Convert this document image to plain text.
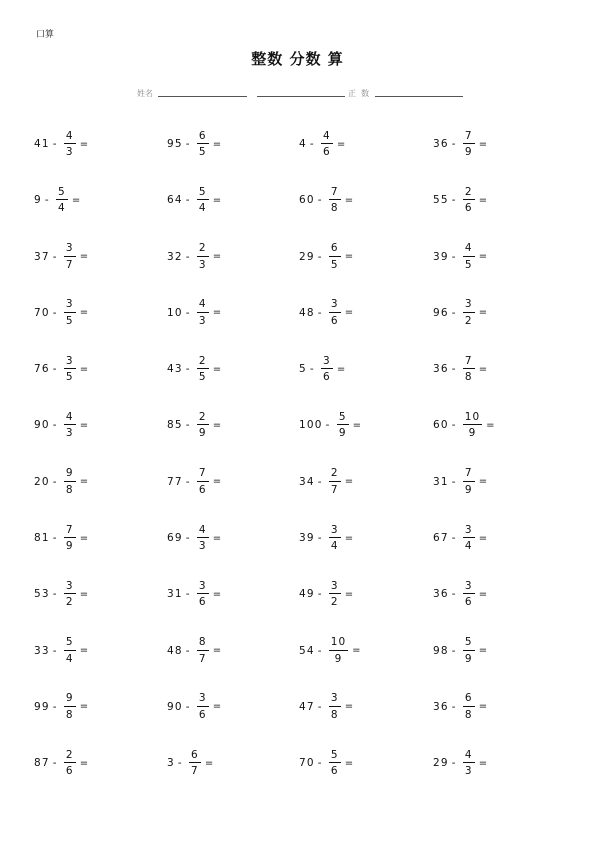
口算
整数 分数 算
姓名	正  数
$41 - \frac{4}{3}$ =	$95 - \frac{6}{5}$ =	$4 - \frac{4}{6}$ =	$36 - \frac{7}{9}$ =
$9 - \frac{5}{4}$ =	$64 - \frac{5}{4}$ =	$60 - \frac{7}{8}$ =	$55 - \frac{2}{6}$ =
$37 - \frac{3}{7}$ =	$32 - \frac{2}{3}$ =	$29 - \frac{6}{5}$ =	$39 - \frac{4}{5}$ =
$70 - \frac{3}{5}$ =	$10 - \frac{4}{3}$ =	$48 - \frac{3}{6}$ =	$96 - \frac{3}{2}$ =
$76 - \frac{3}{5}$ =	$43 - \frac{2}{5}$ =	$5 - \frac{3}{6}$ =	$36 - \frac{7}{8}$ =
$90 - \frac{4}{3}$ =	$85 - \frac{2}{9}$ =	$100 - \frac{5}{9}$ =	$60 - \frac{10}{9}$ =
$20 - \frac{9}{8}$ =	$77 - \frac{7}{6}$ =	$34 - \frac{2}{7}$ =	$31 - \frac{7}{9}$ =
$81 - \frac{7}{9}$ =	$69 - \frac{4}{3}$ =	$39 - \frac{3}{4}$ =	$67 - \frac{3}{4}$ =
$53 - \frac{3}{2}$ =	$31 - \frac{3}{6}$ =	$49 - \frac{3}{2}$ =	$36 - \frac{3}{6}$ =
$33 - \frac{5}{4}$ =	$48 - \frac{8}{7}$ =	$54 - \frac{10}{9}$ =	$98 - \frac{5}{9}$ =
$99 - \frac{9}{8}$ =	$90 - \frac{3}{6}$ =	$47 - \frac{3}{8}$ =	$36 - \frac{6}{8}$ =
$87 - \frac{2}{6}$ =	$3 - \frac{6}{7}$ =	$70 - \frac{5}{6}$ =	$29 - \frac{4}{3}$ =
